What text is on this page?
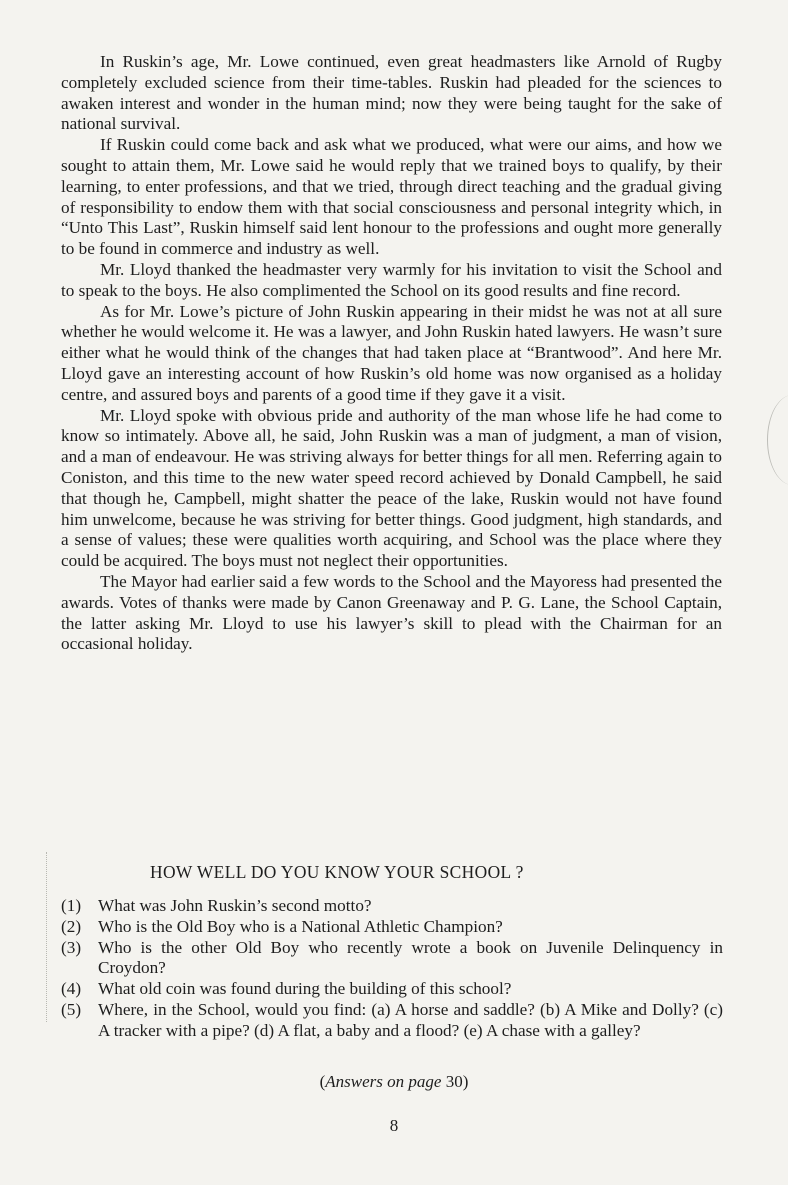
In Ruskin’s age, Mr. Lowe continued, even great headmasters like Arnold of Rugby completely excluded science from their time-tables. Ruskin had pleaded for the sciences to awaken interest and wonder in the human mind; now they were being taught for the sake of national survival.

If Ruskin could come back and ask what we produced, what were our aims, and how we sought to attain them, Mr. Lowe said he would reply that we trained boys to qualify, by their learning, to enter professions, and that we tried, through direct teaching and the gradual giving of responsibility to endow them with that social consciousness and personal integrity which, in “Unto This Last”, Ruskin himself said lent honour to the professions and ought more generally to be found in commerce and industry as well.

Mr. Lloyd thanked the headmaster very warmly for his invitation to visit the School and to speak to the boys. He also complimented the School on its good results and fine record.

As for Mr. Lowe’s picture of John Ruskin appearing in their midst he was not at all sure whether he would welcome it. He was a lawyer, and John Ruskin hated lawyers. He wasn’t sure either what he would think of the changes that had taken place at “Brantwood”. And here Mr. Lloyd gave an interesting account of how Ruskin’s old home was now organised as a holiday centre, and assured boys and parents of a good time if they gave it a visit.

Mr. Lloyd spoke with obvious pride and authority of the man whose life he had come to know so intimately. Above all, he said, John Ruskin was a man of judgment, a man of vision, and a man of endeavour. He was striving always for better things for all men. Referring again to Coniston, and this time to the new water speed record achieved by Donald Campbell, he said that though he, Campbell, might shatter the peace of the lake, Ruskin would not have found him unwelcome, because he was striving for better things. Good judgment, high standards, and a sense of values; these were qualities worth acquiring, and School was the place where they could be acquired. The boys must not neglect their opportunities.

The Mayor had earlier said a few words to the School and the Mayoress had presented the awards. Votes of thanks were made by Canon Greenaway and P. G. Lane, the School Captain, the latter asking Mr. Lloyd to use his lawyer’s skill to plead with the Chairman for an occasional holiday.

HOW WELL DO YOU KNOW YOUR SCHOOL ?
(1) What was John Ruskin’s second motto?
(2) Who is the Old Boy who is a National Athletic Champion?
(3) Who is the other Old Boy who recently wrote a book on Juvenile Delinquency in Croydon?
(4) What old coin was found during the building of this school?
(5) Where, in the School, would you find: (a) A horse and saddle? (b) A Mike and Dolly? (c) A tracker with a pipe? (d) A flat, a baby and a flood? (e) A chase with a galley?
(Answers on page 30)
8
